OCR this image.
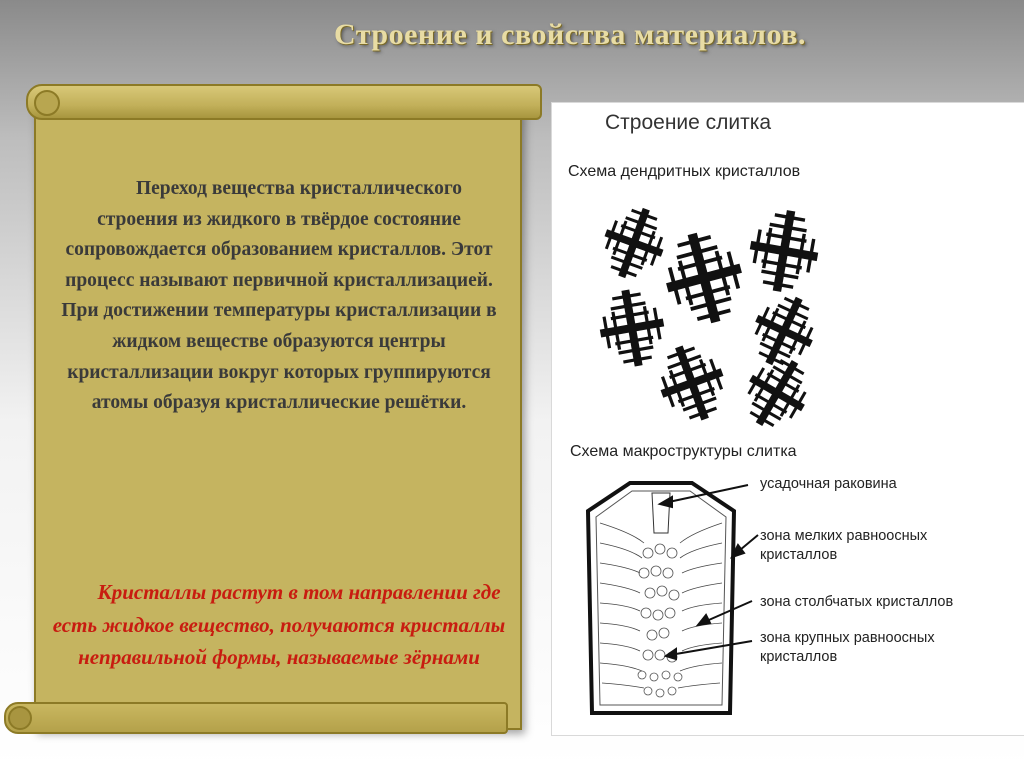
Строение и свойства материалов.
Переход вещества кристаллического строения из жидкого в твёрдое состояние сопровождается образованием кристаллов. Этот процесс называют первичной кристаллизацией. При достижении температуры кристаллизации в жидком веществе образуются центры кристаллизации вокруг которых группируются атомы образуя кристаллические решётки.
Кристаллы растут в том направлении где есть жидкое вещество, получаются кристаллы неправильной формы, называемые зёрнами
Строение слитка
Схема дендритных кристаллов
Схема макроструктуры слитка
усадочная раковина
зона мелких равноосных
кристаллов
зона столбчатых кристаллов
зона крупных равноосных
кристаллов
